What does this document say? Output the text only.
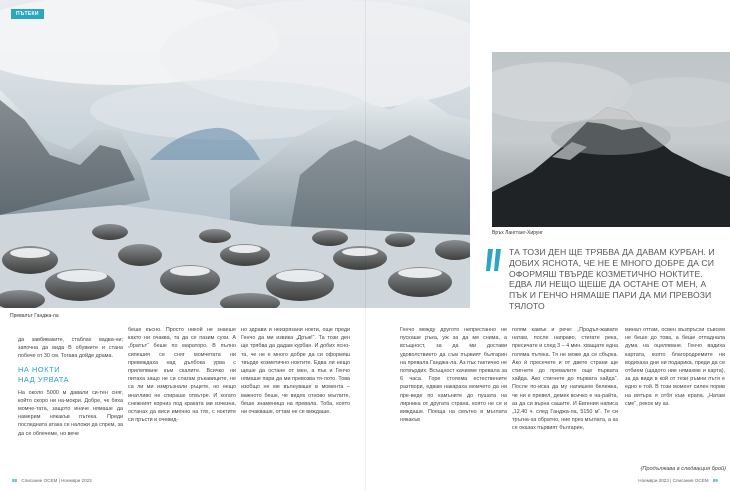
ПЪТЕКИ
Превалът Ганджа-ла
Връх Лангтанг-Хирунг

да завбиваките, стаблах вадва-ни; започна да вида В обувките и стана побече от 30 см. Тогава дойде драма.

НА НОКТИ
НАД УРВАТА

На около 5000 м давали си-тен сняг, който скоро ни на-мокри. Добре, че бяха момче-тата, защото иначе нямаше да намерим някакъв пътека. Преди последната атака се наложи да спрем, за да се облечеме, но вече

беше късно. Просто никой не знаеше както ни очаква, та да се пазим сухи. А „братът“ беше по мараторо. В пълно сипешия се сняг момчетата ни превеждаха над дълбока урва с прилепване към скалите. Всичко ни питаха защо не си слагам ръкавиците, не са ли ми измръзнали ръцете, но нещо инатливо не спираше отвътре. И когато снежният корниз под краката ми изчезна, останах да виси именно на тях, с ноктите си пръсти и очевид-

но здрави и неизрязани нокти, още преди Генчо да ми извика „Дръж!“. Та този ден ще трябва да дадам курбан. И добих ясно-та, че не е много добре да си оформяш твърде козметично ноктите. Едва ли нещо щеше да остане от мен, а пък и Генчо нямаше пари да ми превозва тя-лото. Това изобщо не ме вълнуваше в момента – важното беше, че видях отново мъглите, беше знаменица на превала. Тоба, която ни очакваше, оттам не се виждаше.

ТА ТОЗИ ДЕН ЩЕ ТРЯБВА ДА ДАВАМ КУРБАН. И ДОБИХ ЯСНОТА, ЧЕ НЕ Е МНОГО ДОБРЕ ДА СИ ОФОРМЯШ ТВЪРДЕ КОЗМЕТИЧНО НОКТИТЕ. ЕДВА ЛИ НЕЩО ЩЕШЕ ДА ОСТАНЕ ОТ МЕН, А ПЪК И ГЕНЧО НЯМАШЕ ПАРИ ДА МИ ПРЕВОЗИ ТЯЛОТО

Генчо между другото непрестанно не пускаше ръка, уж за да ме снима, а всъщност, за да ми достави удоволствието да съм първият българин на превала Ганджа-ла. Аз пък тактично не потвърдих. Всъщност качихме превала за 6 часа. Горе стояхма естествените разтвори, едвам накараха момчето да ни пре-веде по камъните до пушата на лирника от другата страна, която не се и виждаше. Поеща на смътно в мъглата някакъв

голям камък и рече: „Продъл-жавате натам, после направо, стигате река, пресичате и след 3 – 4 мин. хващате една голяма пътека. Тя не може да се сбърка. Ако ѝ пресечете и от двете страни ще стигнете до превалите още първата хайда. Ако стигнете до първата хайда“. После по-иска да му напишем бележка, че ни е превел, демек всичко е на-райта, аз да си върна сашите. И Евгения написа „12.40 ч. след Ганджа-ла, 5150 м“. Те си тръгна-ха обратно, ние през мъглата, а аз се оказах първият българин,

минал оттам, освен възпръсхи съвсем не беше до това, а беше отпаднала дума на оцеляване. Генчо вадиха картата, която благородремите ни водихаха дни ни подарика, преди да се отбием (щадото ние нямахме и карта), за да види в кой от тези ръмни пътя е едно е той. В този момент силен порив на вятъра я отбя към ерапа. „Натам сме“, рекох му аз.

(Продължава в следващия брой)
88 Списание ОСЕМ | Ноември 2023	Ноември 2023 | Списание ОСЕМ 89
